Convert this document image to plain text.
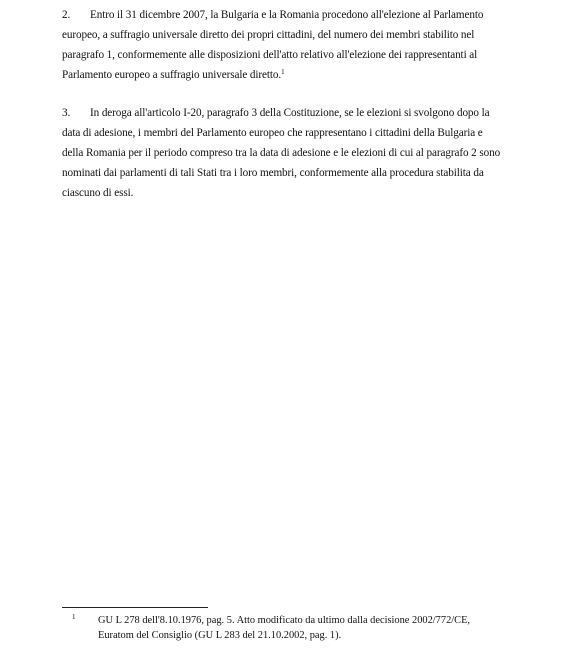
2. Entro il 31 dicembre 2007, la Bulgaria e la Romania procedono all'elezione al Parlamento
europeo, a suffragio universale diretto dei propri cittadini, del numero dei membri stabilito nel
paragrafo 1, conformemente alle disposizioni dell'atto relativo all'elezione dei rappresentanti al
Parlamento europeo a suffragio universale diretto.$^1$
3. In deroga all'articolo I-20, paragrafo 3 della Costituzione, se le elezioni si svolgono dopo la
data di adesione, i membri del Parlamento europeo che rappresentano i cittadini della Bulgaria e
della Romania per il periodo compreso tra la data di adesione e le elezioni di cui al paragrafo 2 sono
nominati dai parlamenti di tali Stati tra i loro membri, conformemente alla procedura stabilita da
ciascuno di essi.
1 GU L 278 dell'8.10.1976, pag. 5. Atto modificato da ultimo dalla decisione 2002/772/CE,
Euratom del Consiglio (GU L 283 del 21.10.2002, pag. 1).
